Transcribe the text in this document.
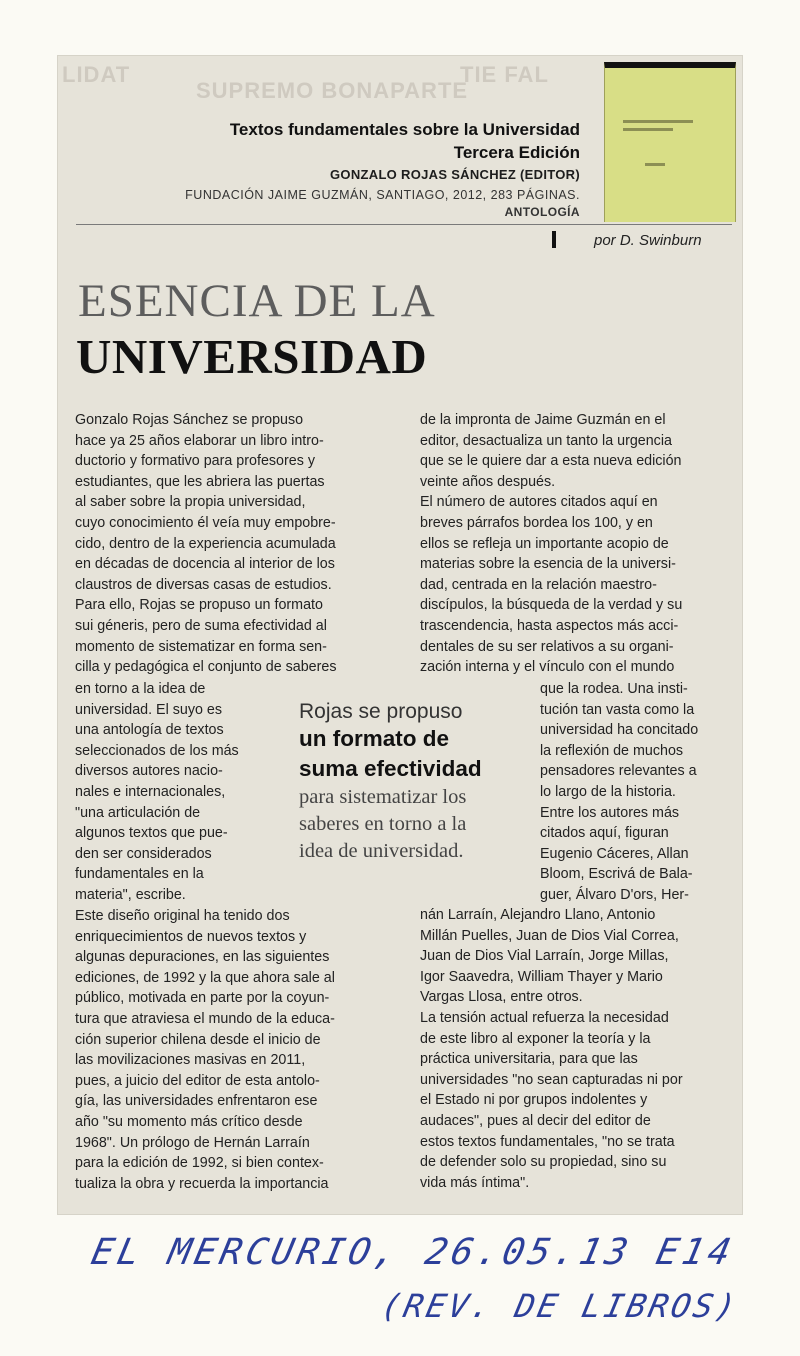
LIDAT
SUPREMO BONAPARTE
TIE FAL
Textos fundamentales sobre la Universidad
Tercera Edición
GONZALO ROJAS SÁNCHEZ (EDITOR)
FUNDACIÓN JAIME GUZMÁN, SANTIAGO, 2012, 283 PÁGINAS.
ANTOLOGÍA
por D. Swinburn
ESENCIA DE LA
UNIVERSIDAD
Gonzalo Rojas Sánchez se propuso
hace ya 25 años elaborar un libro intro-
ductorio y formativo para profesores y
estudiantes, que les abriera las puertas
al saber sobre la propia universidad,
cuyo conocimiento él veía muy empobre-
cido, dentro de la experiencia acumulada
en décadas de docencia al interior de los
claustros de diversas casas de estudios.
Para ello, Rojas se propuso un formato
sui géneris, pero de suma efectividad al
momento de sistematizar en forma sen-
cilla y pedagógica el conjunto de saberes
en torno a la idea de
universidad. El suyo es
una antología de textos
seleccionados de los más
diversos autores nacio-
nales e internacionales,
"una articulación de
algunos textos que pue-
den ser considerados
fundamentales en la
materia", escribe.
Este diseño original ha tenido dos
enriquecimientos de nuevos textos y
algunas depuraciones, en las siguientes
ediciones, de 1992 y la que ahora sale al
público, motivada en parte por la coyun-
tura que atraviesa el mundo de la educa-
ción superior chilena desde el inicio de
las movilizaciones masivas en 2011,
pues, a juicio del editor de esta antolo-
gía, las universidades enfrentaron ese
año "su momento más crítico desde
1968". Un prólogo de Hernán Larraín
para la edición de 1992, si bien contex-
tualiza la obra y recuerda la importancia
de la impronta de Jaime Guzmán en el
editor, desactualiza un tanto la urgencia
que se le quiere dar a esta nueva edición
veinte años después.
El número de autores citados aquí en
breves párrafos bordea los 100, y en
ellos se refleja un importante acopio de
materias sobre la esencia de la universi-
dad, centrada en la relación maestro-
discípulos, la búsqueda de la verdad y su
trascendencia, hasta aspectos más acci-
dentales de su ser relativos a su organi-
zación interna y el vínculo con el mundo
que la rodea. Una insti-
tución tan vasta como la
universidad ha concitado
la reflexión de muchos
pensadores relevantes a
lo largo de la historia.
Entre los autores más
citados aquí, figuran
Eugenio Cáceres, Allan
Bloom, Escrivá de Bala-
guer, Álvaro D'ors, Her-
nán Larraín, Alejandro Llano, Antonio
Millán Puelles, Juan de Dios Vial Correa,
Juan de Dios Vial Larraín, Jorge Millas,
Igor Saavedra, William Thayer y Mario
Vargas Llosa, entre otros.
La tensión actual refuerza la necesidad
de este libro al exponer la teoría y la
práctica universitaria, para que las
universidades "no sean capturadas ni por
el Estado ni por grupos indolentes y
audaces", pues al decir del editor de
estos textos fundamentales, "no se trata
de defender solo su propiedad, sino su
vida más íntima".
Rojas se propuso
un formato de
suma efectividad
para sistematizar los
saberes en torno a la
idea de universidad.
EL MERCURIO, 26.05.13 E14
(REV. DE LIBROS)
